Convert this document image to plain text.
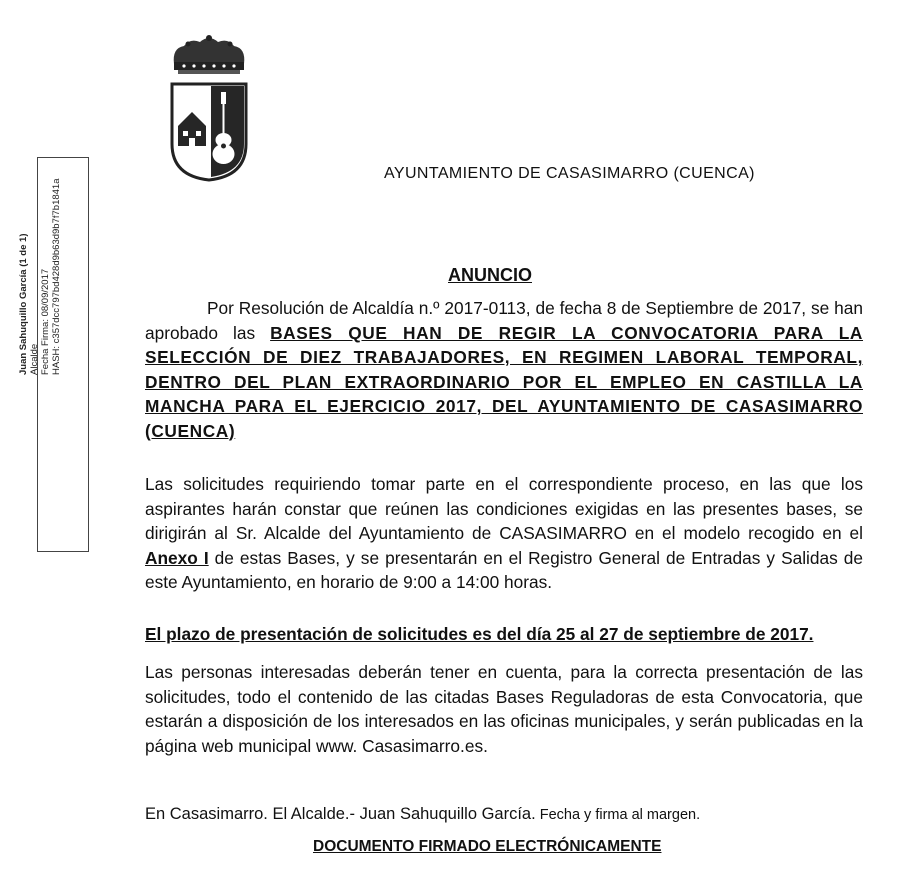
Juan Sahuquillo García (1 de 1) Alcalde Fecha Firma: 08/09/2017 HASH: c357dcc797bd428d9b63d9b7f7b1841a
AYUNTAMIENTO DE CASASIMARRO (CUENCA)
ANUNCIO
Por Resolución de Alcaldía n.º 2017-0113, de fecha 8 de Septiembre de 2017, se han aprobado las BASES QUE HAN DE REGIR LA CONVOCATORIA PARA LA SELECCIÓN DE DIEZ TRABAJADORES, EN REGIMEN LABORAL TEMPORAL, DENTRO DEL PLAN EXTRAORDINARIO POR EL EMPLEO EN CASTILLA LA MANCHA PARA EL EJERCICIO 2017, DEL AYUNTAMIENTO DE CASASIMARRO (CUENCA)
Las solicitudes requiriendo tomar parte en el correspondiente proceso, en las que los aspirantes harán constar que reúnen las condiciones exigidas en las presentes bases, se dirigirán al Sr. Alcalde del Ayuntamiento de CASASIMARRO en el modelo recogido en el Anexo I de estas Bases, y se presentarán en el Registro General de Entradas y Salidas de este Ayuntamiento, en horario de 9:00 a 14:00 horas.
El plazo de presentación de solicitudes es del día 25 al 27 de septiembre de 2017.
Las personas interesadas deberán tener en cuenta, para la correcta presentación de las solicitudes, todo el contenido de las citadas Bases Reguladoras de esta Convocatoria, que estarán a disposición de los interesados en las oficinas municipales, y serán publicadas en la página web municipal www. Casasimarro.es.
En Casasimarro. El Alcalde.- Juan Sahuquillo García. Fecha y firma al margen.
DOCUMENTO FIRMADO ELECTRÓNICAMENTE
